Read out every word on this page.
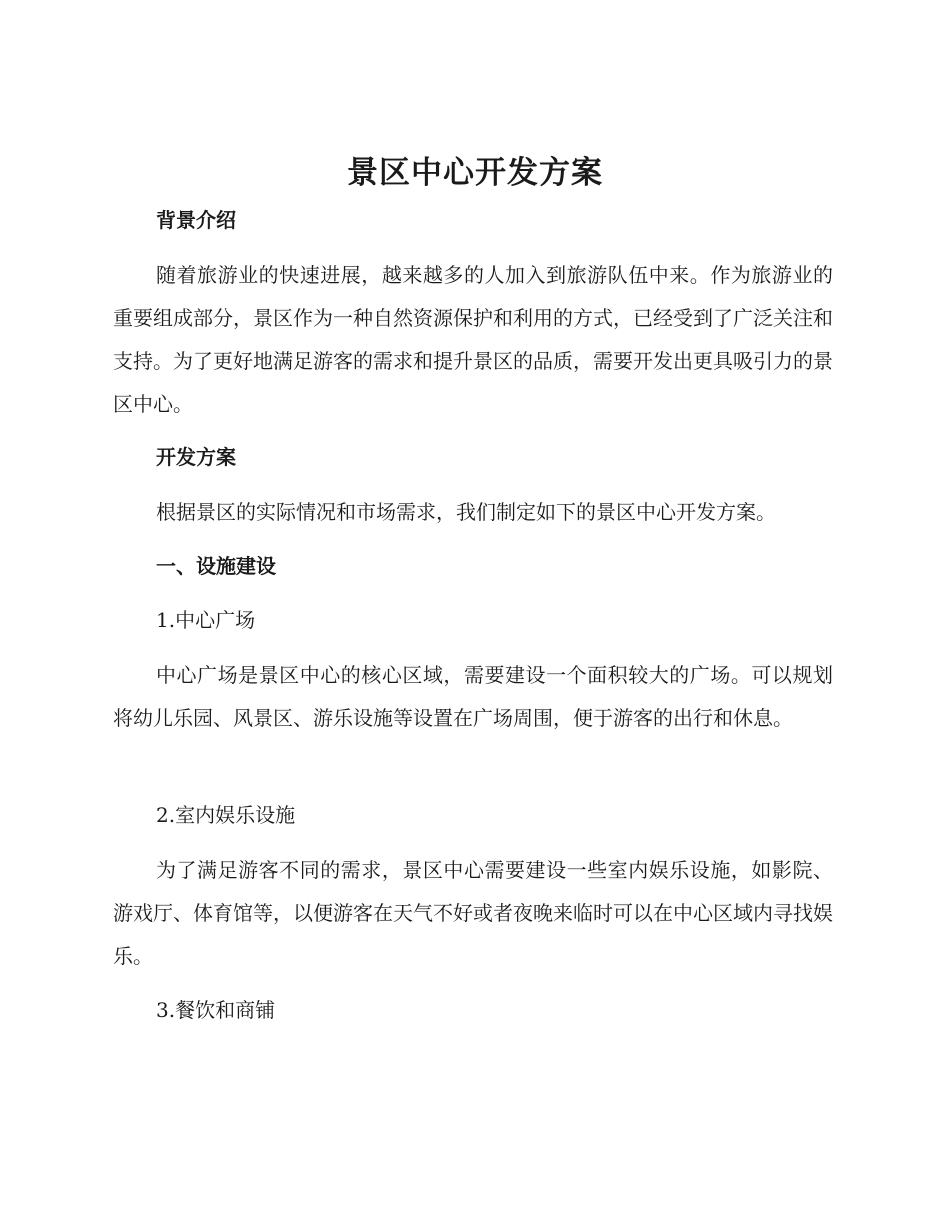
景区中心开发方案
背景介绍
随着旅游业的快速进展，越来越多的人加入到旅游队伍中来。作为旅游业的重要组成部分，景区作为一种自然资源保护和利用的方式，已经受到了广泛关注和支持。为了更好地满足游客的需求和提升景区的品质，需要开发出更具吸引力的景区中心。
开发方案
根据景区的实际情况和市场需求，我们制定如下的景区中心开发方案。
一、设施建设
1.中心广场
中心广场是景区中心的核心区域，需要建设一个面积较大的广场。可以规划将幼儿乐园、风景区、游乐设施等设置在广场周围，便于游客的出行和休息。
2.室内娱乐设施
为了满足游客不同的需求，景区中心需要建设一些室内娱乐设施，如影院、游戏厅、体育馆等，以便游客在天气不好或者夜晚来临时可以在中心区域内寻找娱乐。
3.餐饮和商铺
